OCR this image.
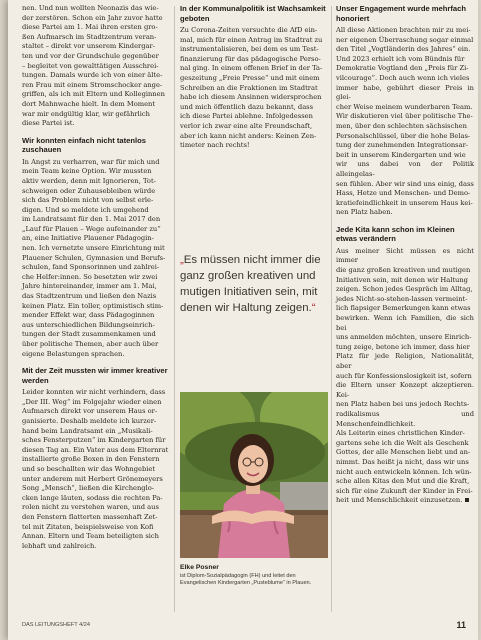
nen. Und nun wollten Neonazis das wie-
der zerstören. Schon ein Jahr zuvor hatte
diese Partei am 1. Mai ihren ersten gro-
ßen Aufmarsch im Stadtzentrum veran-
staltet – direkt vor unserem Kindergar-
ten und vor der Grundschule gegenüber
– begleitet von gewalttätigen Ausschrei-
tungen. Damals wurde ich von einer älte-
ren Frau mit einem Stromschocker ange-
griffen, als ich mit Eltern und Kolleginnen
dort Mahnwache hielt. In dem Moment
war mir endgültig klar, wir gefährlich
diese Partei ist.

Wir konnten einfach nicht tatenlos zuschauen

In Angst zu verharren, war für mich und
mein Team keine Option. Wir mussten
aktiv werden, denn mit Ignorieren, Tot-
schweigen oder Zuhausebleiben würde
sich das Problem nicht von selbst erle-
digen. Und so meldete ich umgehend
im Landratsamt für den 1. Mai 2017 den
„Lauf für Plauen – Wege aufeinander zu“
an, eine Initiative Plauener Pädagogin-
nen. Ich vernetzte unsere Einrichtung mit
Plauener Schulen, Gymnasien und Berufs-
schulen, fand Sponsorinnen und zahlrei-
che Helfer:innen. So besetzten wir zwei
Jahre hintereinander, immer am 1. Mai,
das Stadtzentrum und ließen den Nazis
keinen Platz. Ein toller, optimistisch stim-
mender Effekt war, dass Pädagoginnen
aus unterschiedlichen Bildungseinrich-
tungen der Stadt zusammenkamen und
über politische Themen, aber auch über
eigene Belastungen sprachen.

Mit der Zeit mussten wir immer kreativer werden

Leider konnten wir nicht verhindern, dass
„Der III. Weg“ im Folgejahr wieder einen
Aufmarsch direkt vor unserem Haus or-
ganisierte. Deshalb meldete ich kurzer-
hand beim Landratsamt ein „Musikali-
sches Fensterputzen“ im Kindergarten für
diesen Tag an. Ein Vater aus dem Elternrat
installierte große Boxen in den Fenstern
und so beschallten wir das Wohngebiet
unter anderem mit Herbert Grönemeyers
Song „Mensch“, ließen die Kirchenglo-
cken lange läuten, sodass die rechten Pa-
rolen nicht zu verstehen waren, und aus
den Fenstern flatterten massenhaft Zet-
tel mit Zitaten, beispielsweise von Kofi
Annan. Eltern und Team beteiligten sich
lebhaft und zahlreich.

In der Kommunalpolitik ist Wachsamkeit geboten

Zu Corona-Zeiten versuchte die AfD ein-
mal, mich für einen Antrag im Stadtrat zu
instrumentalisieren, bei dem es um Test-
finanzierung für das pädagogische Perso-
nal ging. In einem offenen Brief in der Ta-
geszeitung „Freie Presse“ und mit einem
Schreiben an die Fraktionen im Stadtrat
habe ich diesem Ansinnen widersprochen
und mich öffentlich dazu bekannt, dass
ich diese Partei ablehne. Infolgedessen
verlor ich zwar eine alte Freundschaft,
aber ich kann nicht anders: Keinen Zen-
timeter nach rechts!

„Es müssen nicht immer die ganz großen kreativen und mutigen Initiativen sein, mit denen wir Haltung zeigen.“

Elke Posner

ist Diplom-Sozialpädagogin (FH) und leitet den Evangelischen Kindergarten „Pusteblume“ in Plauen.

Unser Engagement wurde mehrfach honoriert

All diese Aktionen brachten mir zu mei-
ner eigenen Überraschung sogar einmal
den Titel „Vogtländerin des Jahres“ ein.
Und 2023 erhielt ich vom Bündnis für
Demokratie Vogtland den „Preis für Zi-
vilcourage“. Doch auch wenn ich vieles
immer habe, gebührt dieser Preis in glei-
cher Weise meinem wunderbaren Team.
Wir diskutieren viel über politische The-
men, über den schlechten sächsischen
Personalschlüssel, über die hohe Belas-
tung der zunehmenden Integrationsar-
beit in unserem Kindergarten und wie
wir uns dabei von der Politik alleingelas-
sen fühlen. Aber wir sind uns einig, dass
Hass, Hetze und Menschen- und Demo-
kratiefeindlichkeit in unserem Haus kei-
nen Platz haben.

Jede Kita kann schon im Kleinen etwas verändern

Aus meiner Sicht müssen es nicht immer
die ganz großen kreativen und mutigen
Initiativen sein, mit denen wir Haltung
zeigen. Schon jedes Gespräch im Alltag,
jedes Nicht-so-stehen-lassen vermeint-
lich flapsiger Bemerkungen kann etwas
bewirken. Wenn ich Familien, die sich bei
uns anmelden möchten, unsere Einrich-
tung zeige, betone ich immer, dass hier
Platz für jede Religion, Nationalität, aber
auch für Konfessionslosigkeit ist, sofern
die Eltern unser Konzept akzeptieren. Kei-
nen Platz haben bei uns jedoch Rechts-
radikalismus und Menschenfeindlichkeit.
Als Leiterin eines christlichen Kinder-
gartens sehe ich die Welt als Geschenk
Gottes, der alle Menschen liebt und an-
nimmt. Das heißt ja nicht, dass wir uns
nicht auch entwickeln können. Ich wün-
sche allen Kitas den Mut und die Kraft,
sich für eine Zukunft der Kinder in Frei-
heit und Menschlichkeit einzusetzen.

DAS LEITUNGSHEFT 4/24	11
